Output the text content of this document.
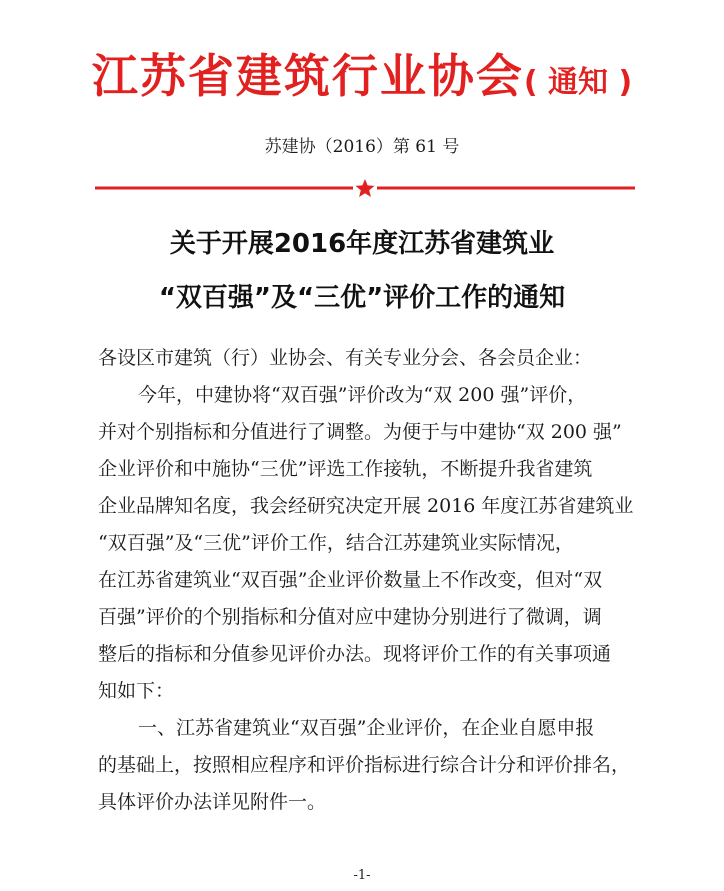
江苏省建筑行业协会( 通知 )
苏建协（2016）第 61 号
关于开展2016年度江苏省建筑业
“双百强”及“三优”评价工作的通知
各设区市建筑（行）业协会、有关专业分会、各会员企业：
今年，中建协将“双百强”评价改为“双 200 强”评价，
并对个别指标和分值进行了调整。为便于与中建协“双 200 强”
企业评价和中施协“三优”评选工作接轨，不断提升我省建筑
企业品牌知名度，我会经研究决定开展 2016 年度江苏省建筑业
“双百强”及“三优”评价工作，结合江苏建筑业实际情况，
在江苏省建筑业“双百强”企业评价数量上不作改变，但对“双
百强”评价的个别指标和分值对应中建协分别进行了微调，调
整后的指标和分值参见评价办法。现将评价工作的有关事项通
知如下：
一、江苏省建筑业“双百强”企业评价，在企业自愿申报
的基础上，按照相应程序和评价指标进行综合计分和评价排名，
具体评价办法详见附件一。
-1-
